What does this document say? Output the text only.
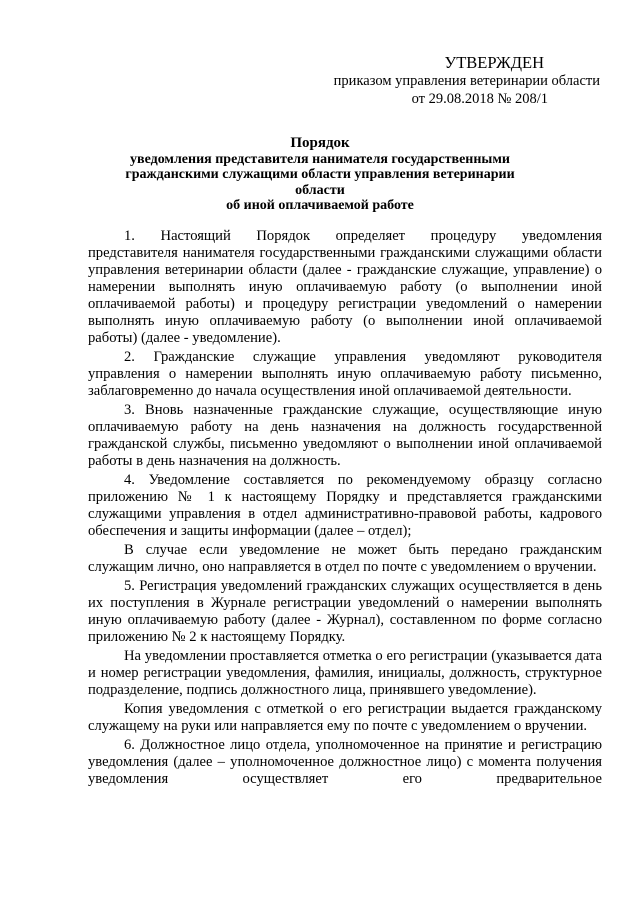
УТВЕРЖДЕН
приказом управления ветеринарии области
от 29.08.2018 № 208/1
Порядок
уведомления представителя нанимателя государственными
гражданскими служащими области управления ветеринарии области
об иной оплачиваемой работе

1.    Настоящий    Порядок    определяет    процедуру    уведомления представителя нанимателя государственными гражданскими служащими области управления ветеринарии области (далее - гражданские служащие, управление) о намерении выполнять иную оплачиваемую работу (о выполнении иной оплачиваемой работы) и процедуру регистрации уведомлений о намерении выполнять иную оплачиваемую работу (о выполнении иной оплачиваемой работы) (далее - уведомление).

2. Гражданские служащие управления уведомляют руководителя управления о намерении выполнять иную оплачиваемую работу письменно, заблаговременно до начала осуществления иной оплачиваемой деятельности.

3. Вновь назначенные гражданские служащие, осуществляющие иную оплачиваемую работу на день назначения на должность государственной гражданской службы, письменно уведомляют о выполнении иной оплачиваемой работы в день назначения на должность.

4. Уведомление составляется по рекомендуемому образцу согласно приложению № 1 к настоящему Порядку и представляется гражданскими служащими управления в отдел административно-правовой работы, кадрового обеспечения и защиты информации (далее – отдел);

В случае если уведомление не может быть передано гражданским служащим лично, оно направляется в отдел по почте с уведомлением о вручении.

5. Регистрация уведомлений гражданских служащих осуществляется в день их поступления в Журнале регистрации уведомлений о намерении выполнять иную оплачиваемую работу (далее - Журнал), составленном по форме согласно приложению № 2 к настоящему Порядку.

На уведомлении проставляется отметка о его регистрации (указывается дата и номер регистрации уведомления, фамилия, инициалы, должность, структурное подразделение, подпись должностного лица, принявшего уведомление).

Копия уведомления с отметкой о его регистрации выдается гражданскому служащему на руки или направляется ему по почте с уведомлением о вручении.

6. Должностное лицо отдела, уполномоченное на принятие и регистрацию уведомления (далее – уполномоченное должностное лицо) с момента получения уведомления осуществляет его предварительное
